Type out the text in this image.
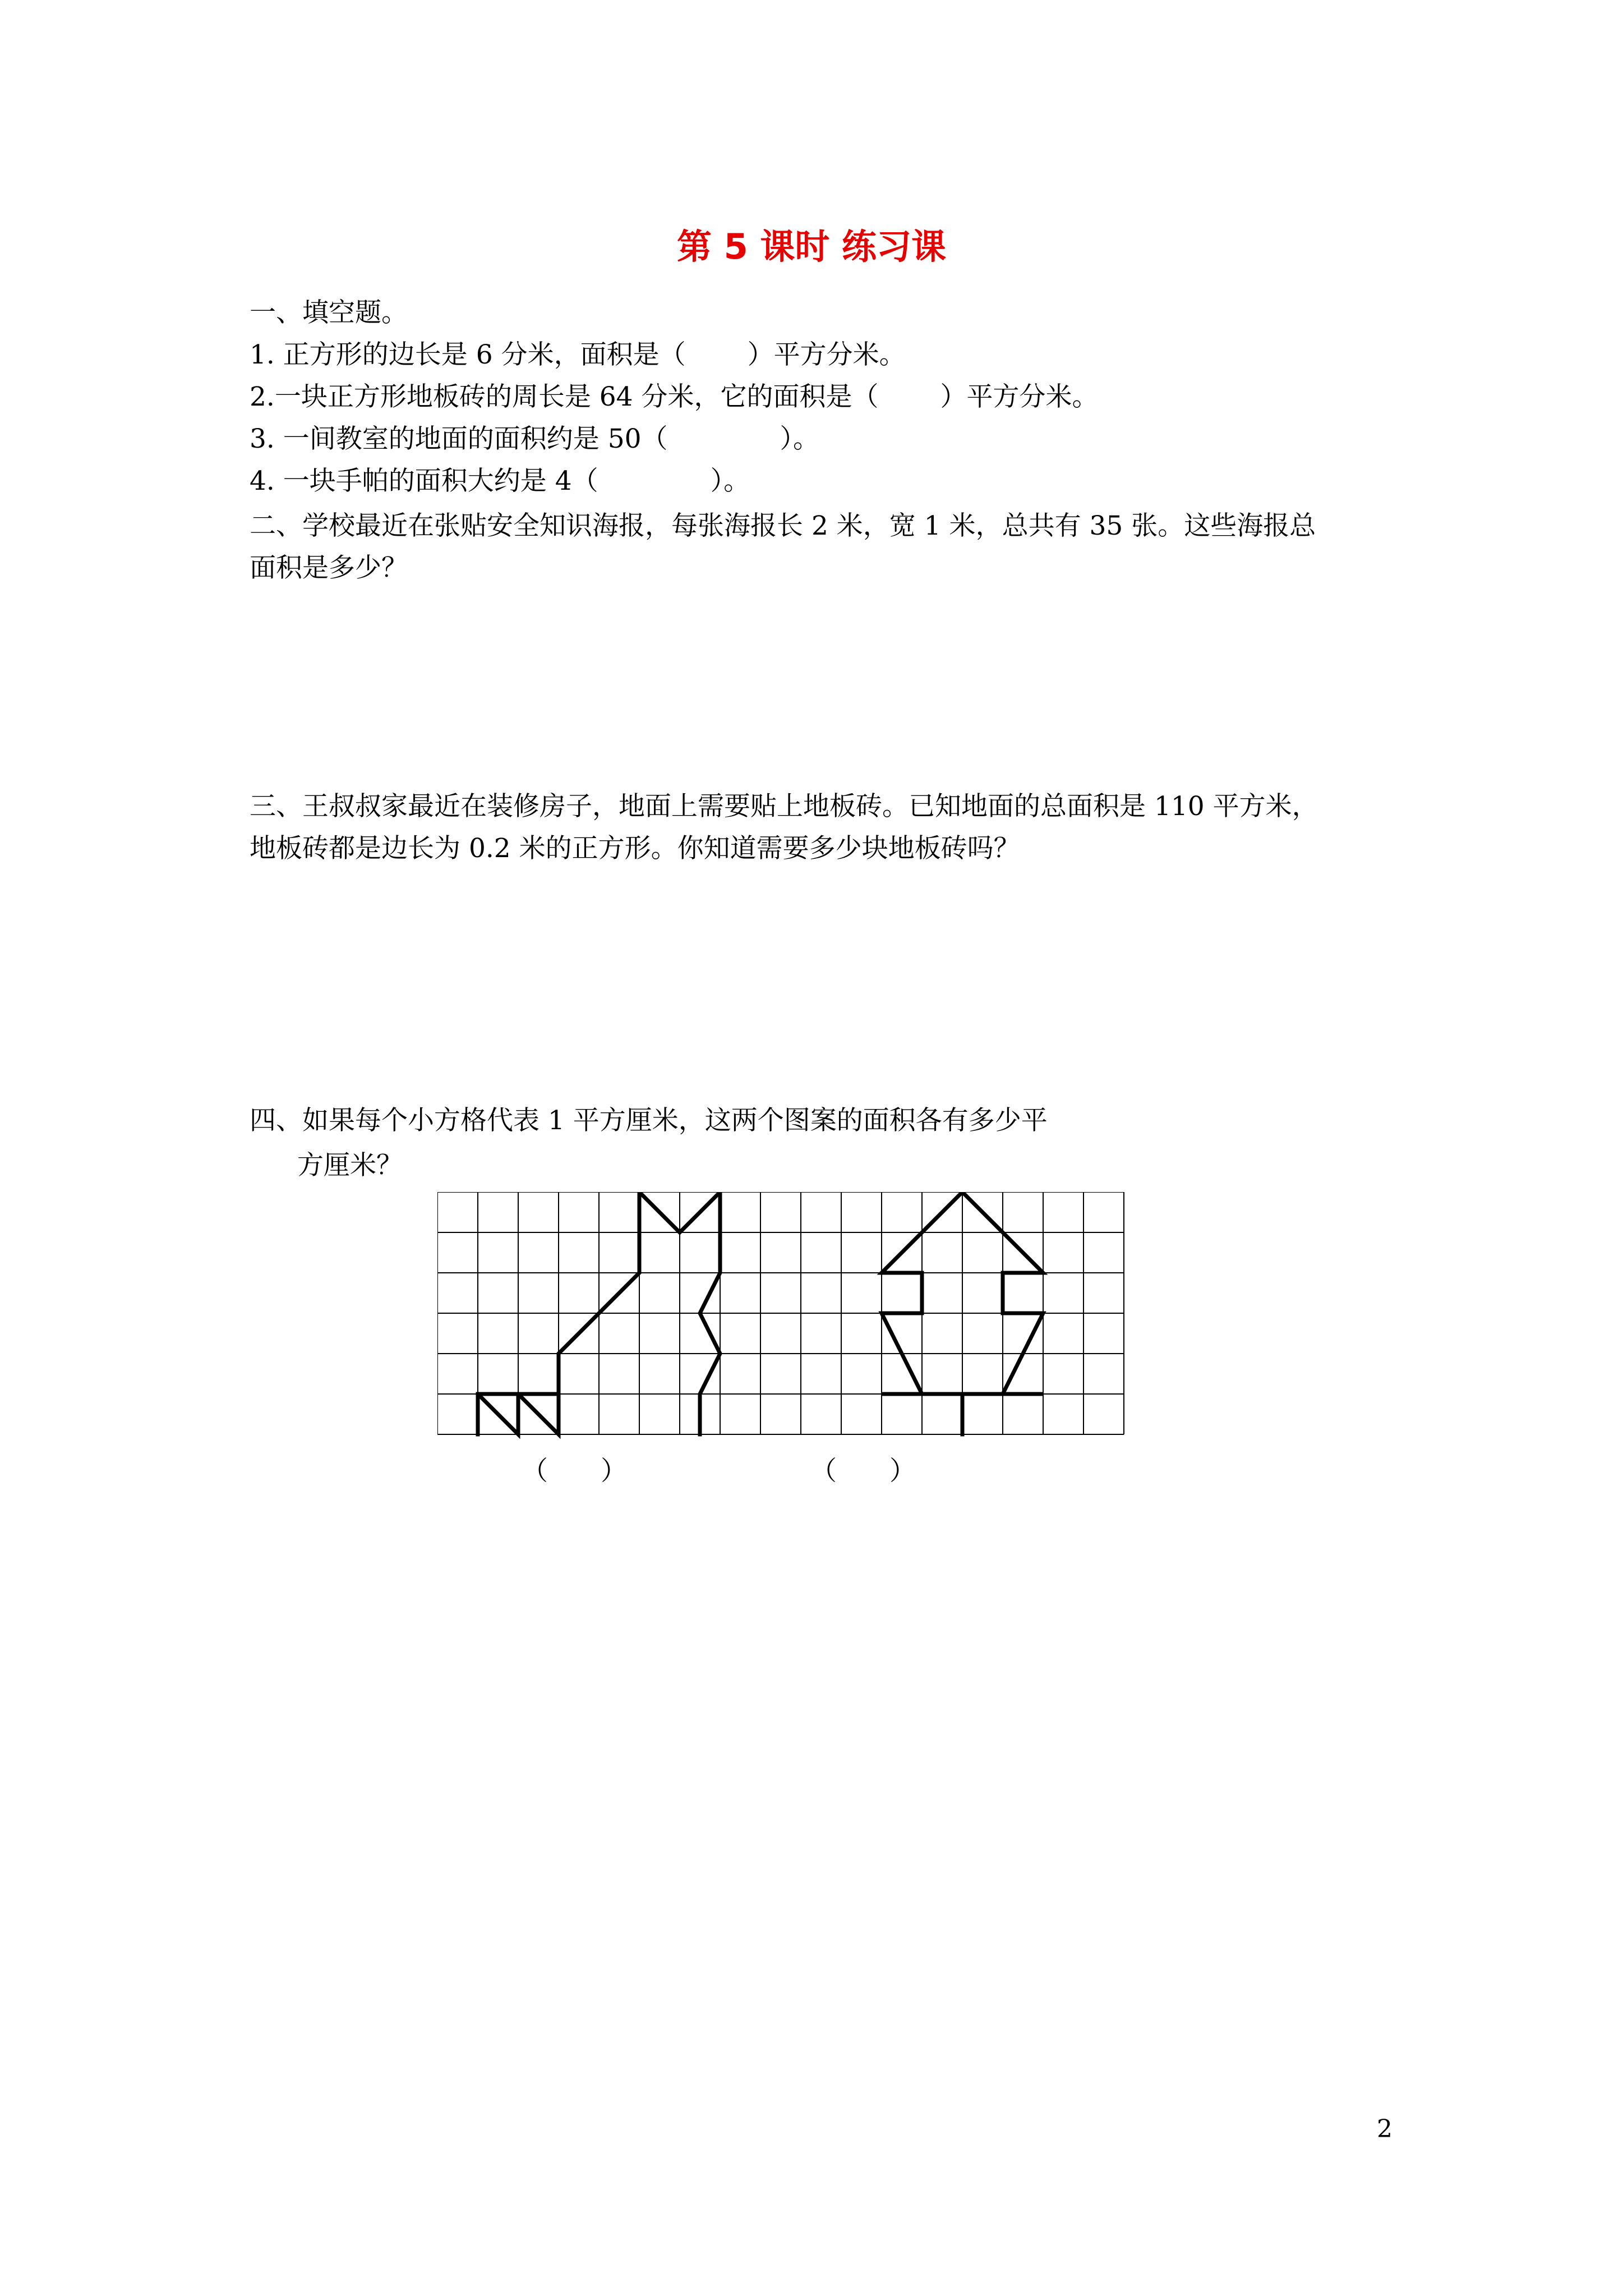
第 5 课时 练习课
一、填空题。
1. 正方形的边长是 6 分米，面积是（ ）平方分米。
2.一块正方形地板砖的周长是 64 分米，它的面积是（ ）平方分米。
3. 一间教室的地面的面积约是 50（	）。
4. 一块手帕的面积大约是 4（	）。
二、学校最近在张贴安全知识海报，每张海报长 2 米，宽 1 米，总共有 35 张。这些海报总
面积是多少？
三、王叔叔家最近在装修房子，地面上需要贴上地板砖。已知地面的总面积是 110 平方米，
地板砖都是边长为 0.2 米的正方形。你知道需要多少块地板砖吗？
四、如果每个小方格代表 1 平方厘米，这两个图案的面积各有多少平
方厘米？
（　　）	（　　）
2
